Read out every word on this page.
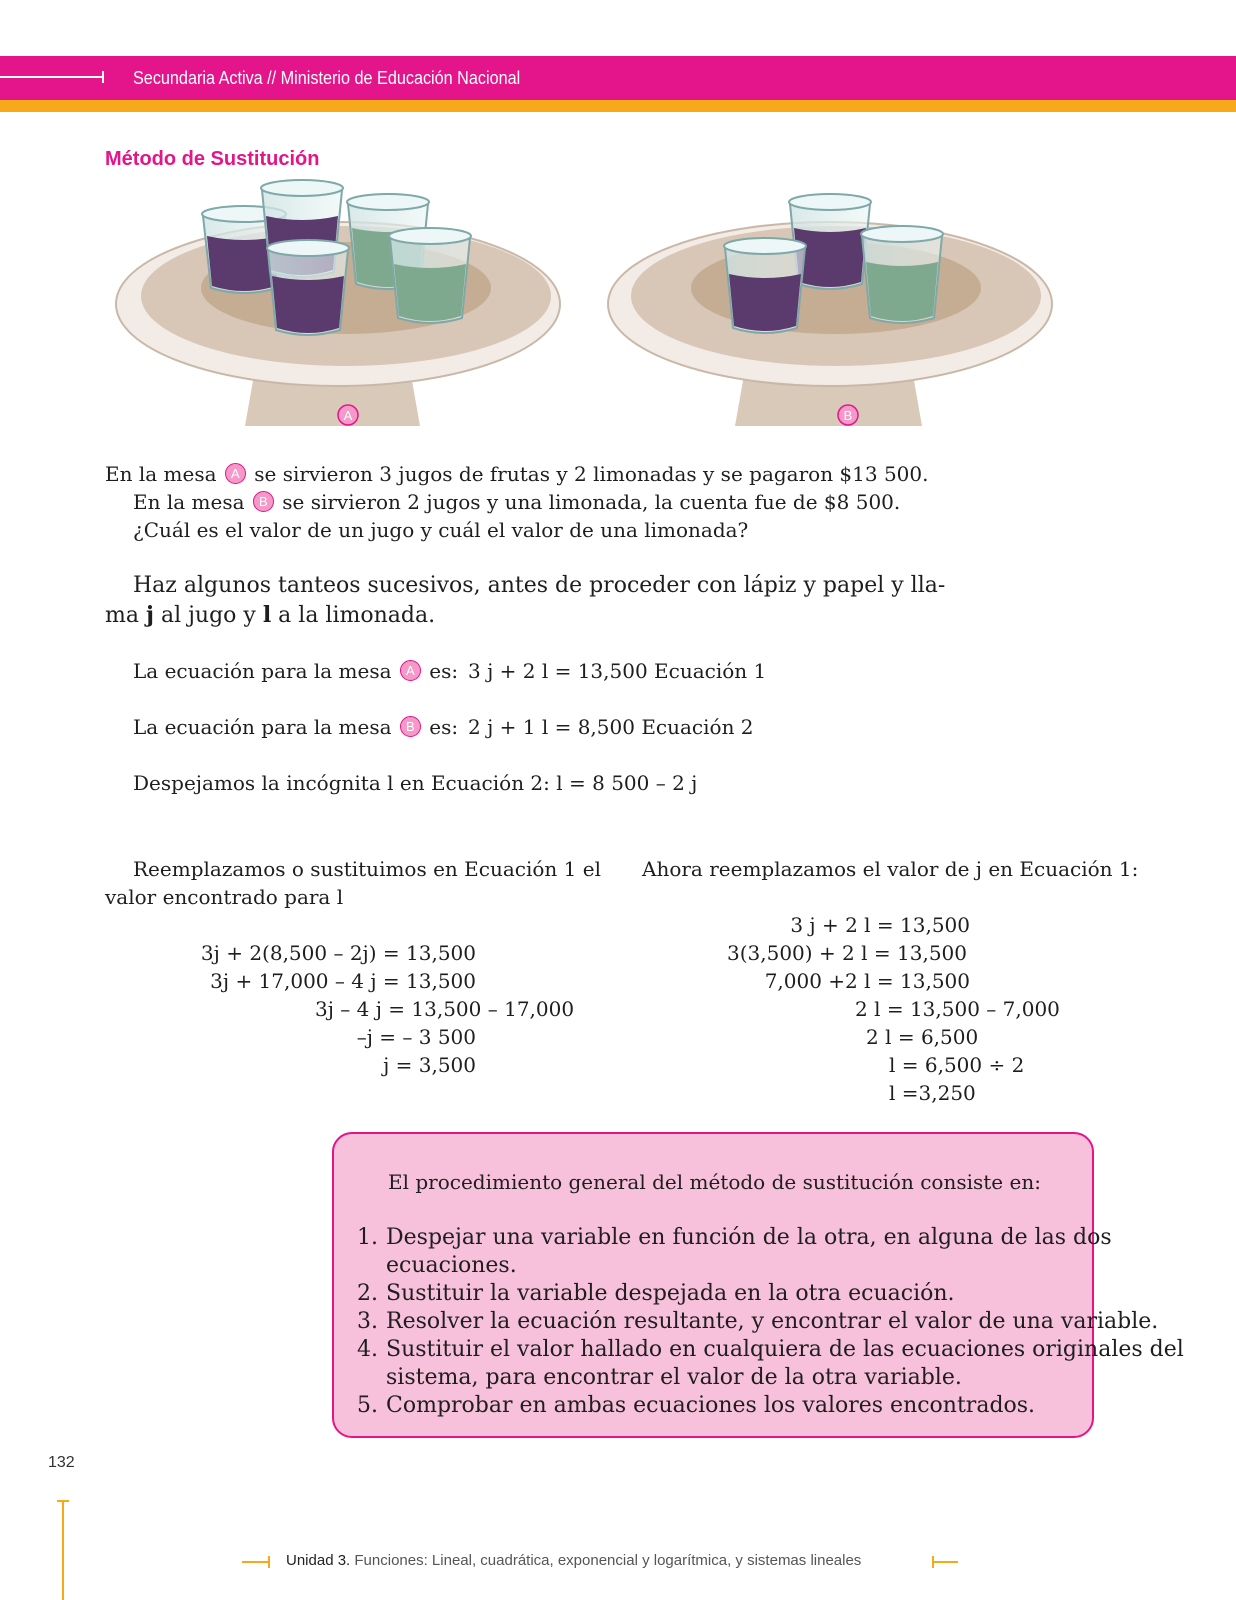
Secundaria Activa // Ministerio de Educación Nacional
Método de Sustitución
A	B
En la mesa A se sirvieron 3 jugos de frutas y 2 limonadas y se pagaron $13 500.
En la mesa B se sirvieron 2 jugos y una limonada, la cuenta fue de $8 500.
¿Cuál es el valor de un jugo y cuál el valor de una limonada?
Haz algunos tanteos sucesivos, antes de proceder con lápiz y papel y lla-
ma j al jugo y l a la limonada.
La ecuación para la mesa A es: 3 j + 2 l = 13,500 Ecuación 1
La ecuación para la mesa B es: 2 j + 1 l = 8,500 Ecuación 2
Despejamos la incógnita l en Ecuación 2: l = 8 500 – 2 j
Reemplazamos o sustituimos en Ecuación 1 el
valor encontrado para l
3j + 2(8,500 – 2j) = 13,500
3j + 17,000 – 4 j = 13,500
3j – 4 j = 13,500 – 17,000
–j = – 3 500
j = 3,500
Ahora reemplazamos el valor de j en Ecuación 1:
3 j + 2 l = 13,500
3(3,500) + 2 l = 13,500
7,000 +2 l = 13,500
2 l = 13,500 – 7,000
2 l = 6,500
l = 6,500 ÷ 2
l =3,250
El procedimiento general del método de sustitución consiste en:
1. Despejar una variable en función de la otra, en alguna de las dos
ecuaciones.
2. Sustituir la variable despejada en la otra ecuación.
3. Resolver la ecuación resultante, y encontrar el valor de una variable.
4. Sustituir el valor hallado en cualquiera de las ecuaciones originales del
sistema, para encontrar el valor de la otra variable.
5. Comprobar en ambas ecuaciones los valores encontrados.
132
Unidad 3. Funciones: Lineal, cuadrática, exponencial y logarítmica, y sistemas lineales
